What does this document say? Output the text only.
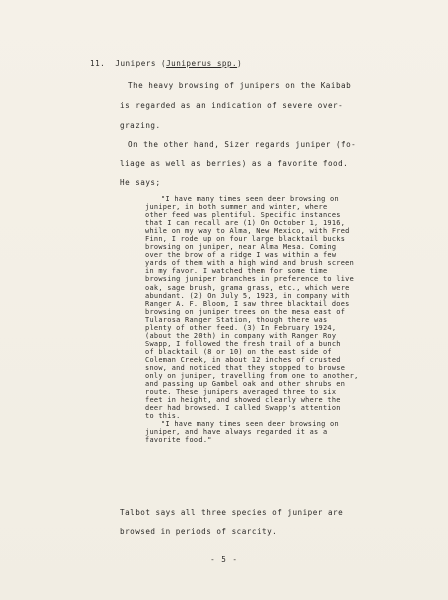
11. Junipers (Juniperus spp.)
The heavy browsing of junipers on the Kaibab
is regarded as an indication of severe over-
grazing.
On the other hand, Sizer regards juniper (fo-
liage as well as berries) as a favorite food.
He says;
"I have many times seen deer browsing on
juniper, in both summer and winter, where
other feed was plentiful. Specific instances
that I can recall are (1) On October 1, 1916,
while on my way to Alma, New Mexico, with Fred
Finn, I rode up on four large blacktail bucks
browsing on juniper, near Alma Mesa. Coming
over the brow of a ridge I was within a few
yards of them with a high wind and brush screen
in my favor. I watched them for some time
browsing juniper branches in preference to live
oak, sage brush, grama grass, etc., which were
abundant. (2) On July 5, 1923, in company with
Ranger A. F. Bloom, I saw three blacktail does
browsing on juniper trees on the mesa east of
Tularosa Ranger Station, though there was
plenty of other feed. (3) In February 1924,
(about the 20th) in company with Ranger Roy
Swapp, I followed the fresh trail of a bunch
of blacktail (8 or 10) on the east side of
Coleman Creek, in about 12 inches of crusted
snow, and noticed that they stopped to browse
only on juniper, travelling from one to another,
and passing up Gambel oak and other shrubs en
route. These junipers averaged three to six
feet in height, and showed clearly where the
deer had browsed. I called Swapp's attention
to this.
"I have many times seen deer browsing on
juniper, and have always regarded it as a
favorite food."
Talbot says all three species of juniper are
browsed in periods of scarcity.
- 5 -
